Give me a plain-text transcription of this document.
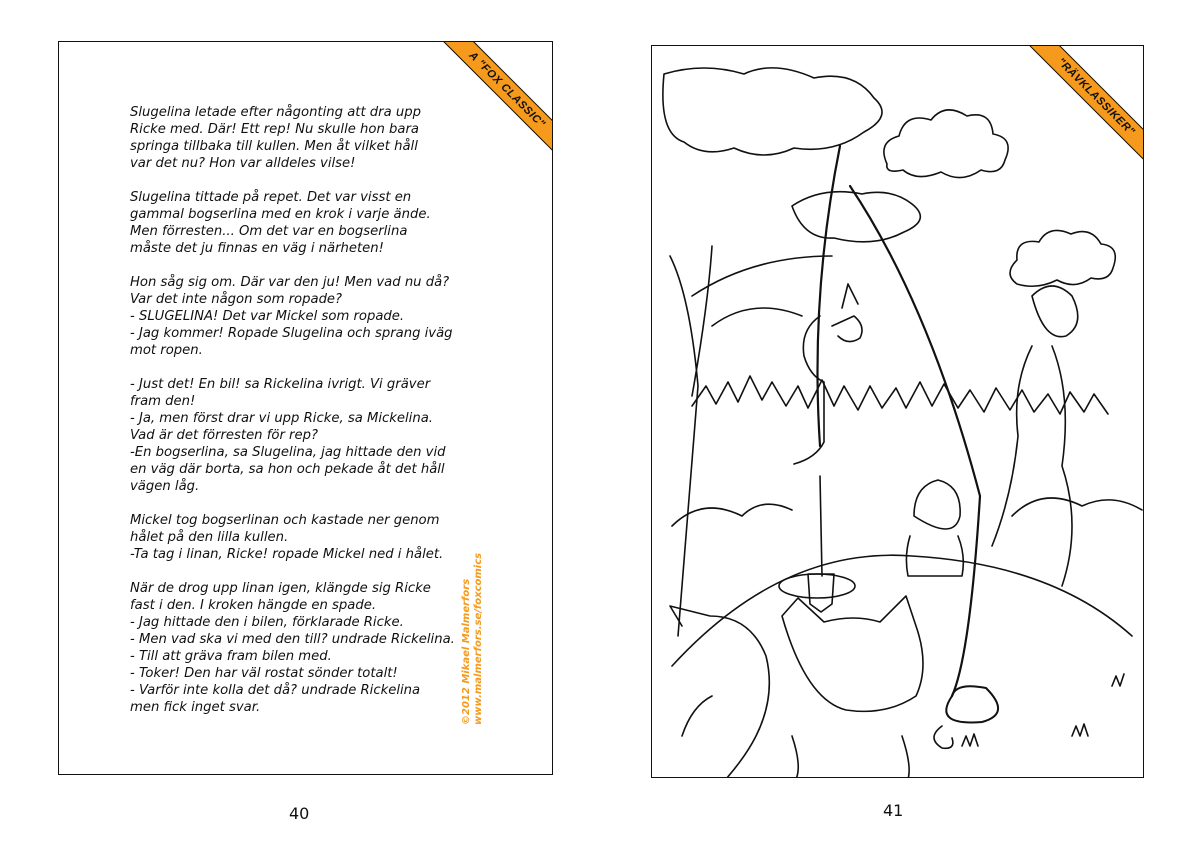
A "FOX CLASSIC"

Slugelina letade efter någonting att dra upp
Ricke med. Där! Ett rep! Nu skulle hon bara
springa tillbaka till kullen. Men åt vilket håll
var det nu? Hon var alldeles vilse!

Slugelina tittade på repet. Det var visst en
gammal bogserlina med en krok i varje ände.
Men förresten... Om det var en bogserlina
måste det ju finnas en väg i närheten!

Hon såg sig om. Där var den ju! Men vad nu då?
Var det inte någon som ropade?
- SLUGELINA! Det var Mickel som ropade.
- Jag kommer! Ropade Slugelina och sprang iväg
mot ropen.

- Just det! En bil! sa Rickelina ivrigt. Vi gräver
fram den!
- Ja, men först drar vi upp Ricke, sa Mickelina.
Vad är det förresten för rep?
-En bogserlina, sa Slugelina, jag hittade den vid
en väg där borta, sa hon och pekade åt det håll
vägen låg.

Mickel tog bogserlinan och kastade ner genom
hålet på den lilla kullen.
-Ta tag i linan, Ricke! ropade Mickel ned i hålet.

När de drog upp linan igen, klängde sig Ricke
fast i den. I kroken hängde en spade.
- Jag hittade den i bilen, förklarade Ricke.
- Men vad ska vi med den till? undrade Rickelina.
- Till att gräva fram bilen med.
- Toker! Den har väl rostat sönder totalt!
- Varför inte kolla det då? undrade Rickelina
men fick inget svar.	©2012 Mikael Malmerfors www.malmerfors.se/foxcomics
40
"RÄVKLASSIKER"
41
